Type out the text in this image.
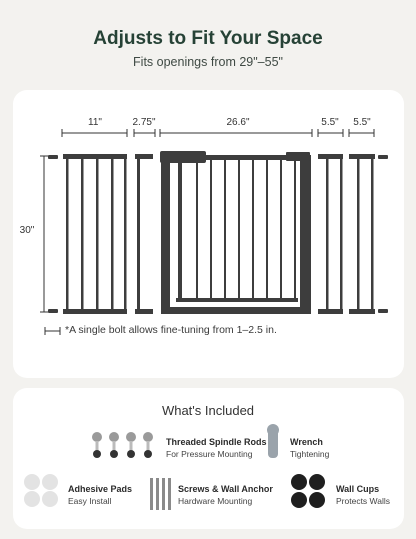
Adjusts to Fit Your Space
Fits openings from 29"–55"
11"	2.75"	26.6"	5.5"	5.5"
30"
*A single bolt allows fine-tuning from 1–2.5 in.
What's Included
Threaded Spindle Rods
For Pressure Mounting
Wrench
Tightening
Adhesive Pads
Easy Install
Screws & Wall Anchor
Hardware Mounting
Wall Cups
Protects Walls
